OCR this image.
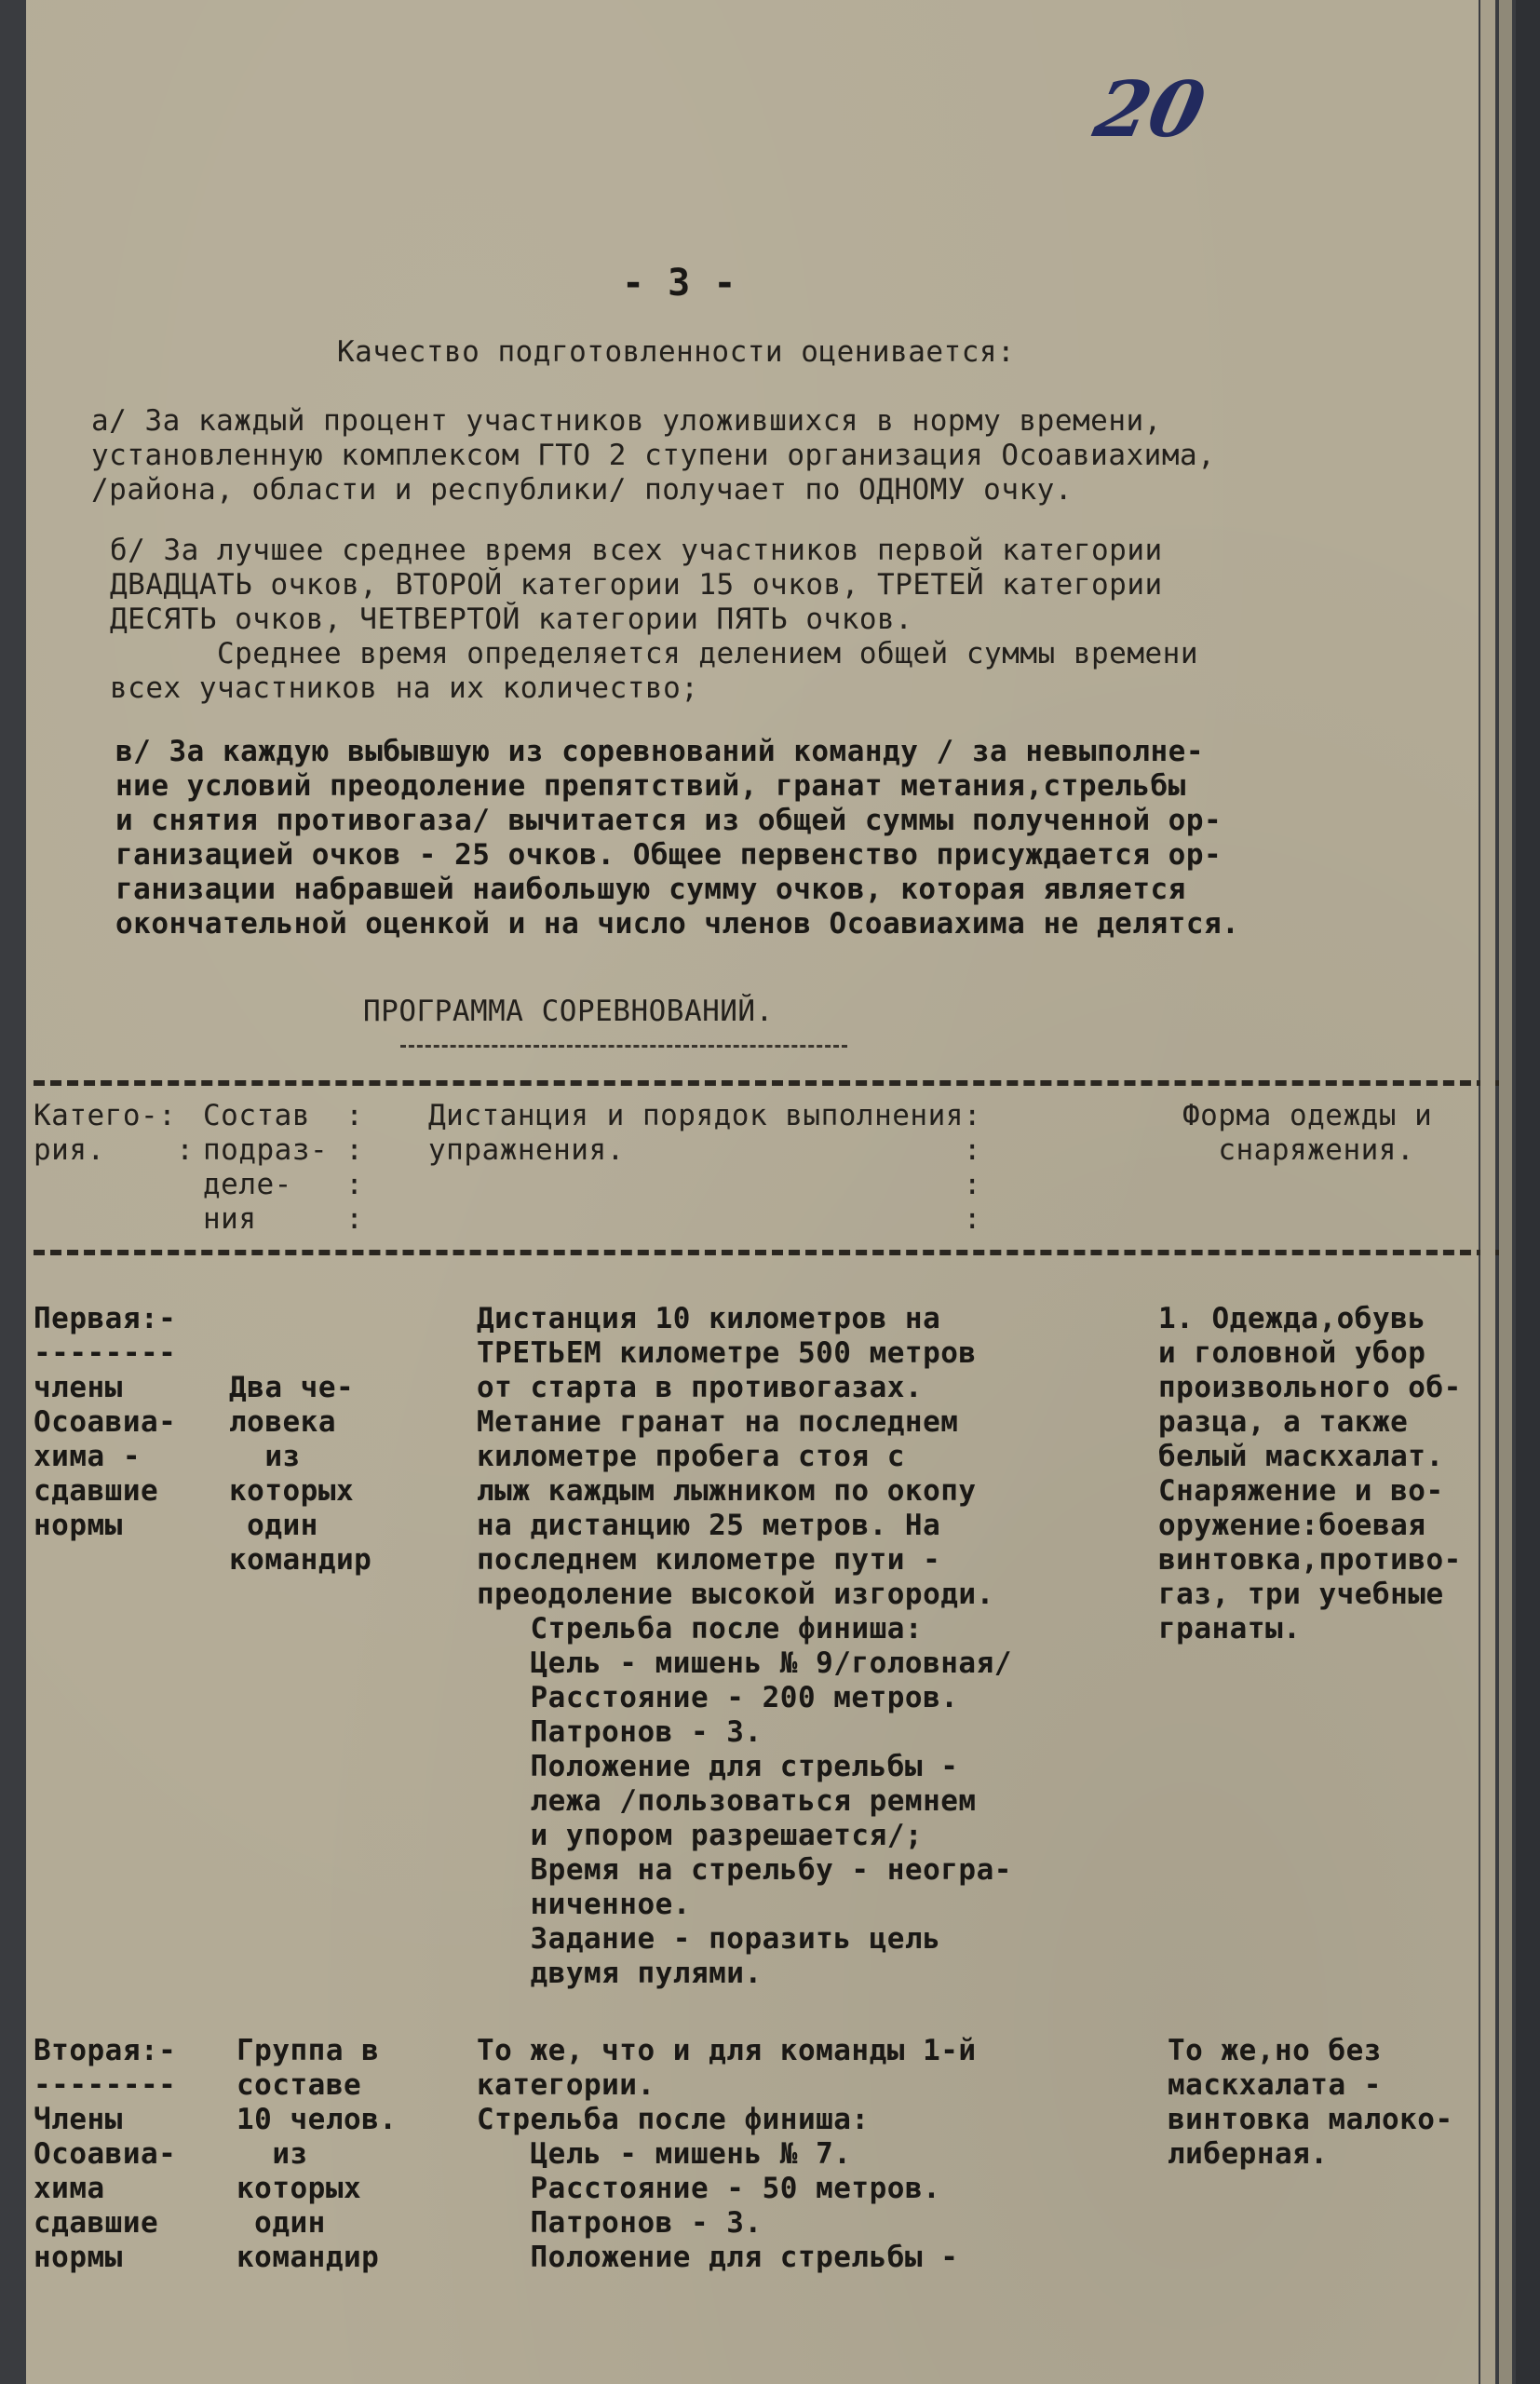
20

- 3 -

Качество подготовленности оценивается:

а/ За каждый процент участников уложившихся в норму времени,
установленную комплексом ГТО 2 ступени организация Осоавиахима,
/района, области и республики/ получает по ОДНОМУ очку.

б/ За лучшее среднее время всех участников первой категории
ДВАДЦАТЬ очков, ВТОРОЙ категории 15 очков, ТРЕТЕЙ категории
ДЕСЯТЬ очков, ЧЕТВЕРТОЙ категории ПЯТЬ очков.
Среднее время определяется делением общей суммы времени
всех участников на их количество;

в/ За каждую выбывшую из соревнований команду / за невыполне-
ние условий преодоление препятствий, гранат метания,стрельбы
и снятия противогаза/ вычитается из общей суммы полученной ор-
ганизацией очков - 25 очков. Общее первенство присуждается ор-
ганизации набравшей наибольшую сумму очков, которая является
окончательной оценкой и на число членов Осоавиахима не делятся.

ПРОГРАММА СОРЕВНОВАНИЙ.

Катего-:
рия.    :

Состав  :
подраз- :
деле-   :
ния     :

Дистанция и порядок выполнения:
упражнения.                   :
:
:

Форма одежды и
снаряжения.

Первая:-
--------
члены
Осоавиа-
хима -
сдавшие
нормы

Два че-
ловека
из
которых
один
командир

Дистанция 10 километров на
ТРЕТЬЕМ километре 500 метров
от старта в противогазах.
Метание гранат на последнем
километре пробега стоя с
лыж каждым лыжником по окопу
на дистанцию 25 метров. На
последнем километре пути -
преодоление высокой изгороди.
Стрельба после финиша:
Цель - мишень № 9/головная/
Расстояние - 200 метров.
Патронов - 3.
Положение для стрельбы -
лежа /пользоваться ремнем
и упором разрешается/;
Время на стрельбу - неогра-
ниченное.
Задание - поразить цель
двумя пулями.

1. Одежда,обувь
и головной убор
произвольного об-
разца, а также
белый маскхалат.
Снаряжение и во-
оружение:боевая
винтовка,противо-
газ, три учебные
гранаты.

Вторая:-
--------
Члены
Осоавиа-
хима
сдавшие
нормы

Группа в
составе
10 челов.
из
которых
один
командир

То же, что и для команды 1-й
категории.
Стрельба после финиша:
Цель - мишень № 7.
Расстояние - 50 метров.
Патронов - 3.
Положение для стрельбы -

То же,но без
маскхалата -
винтовка малоко-
либерная.
